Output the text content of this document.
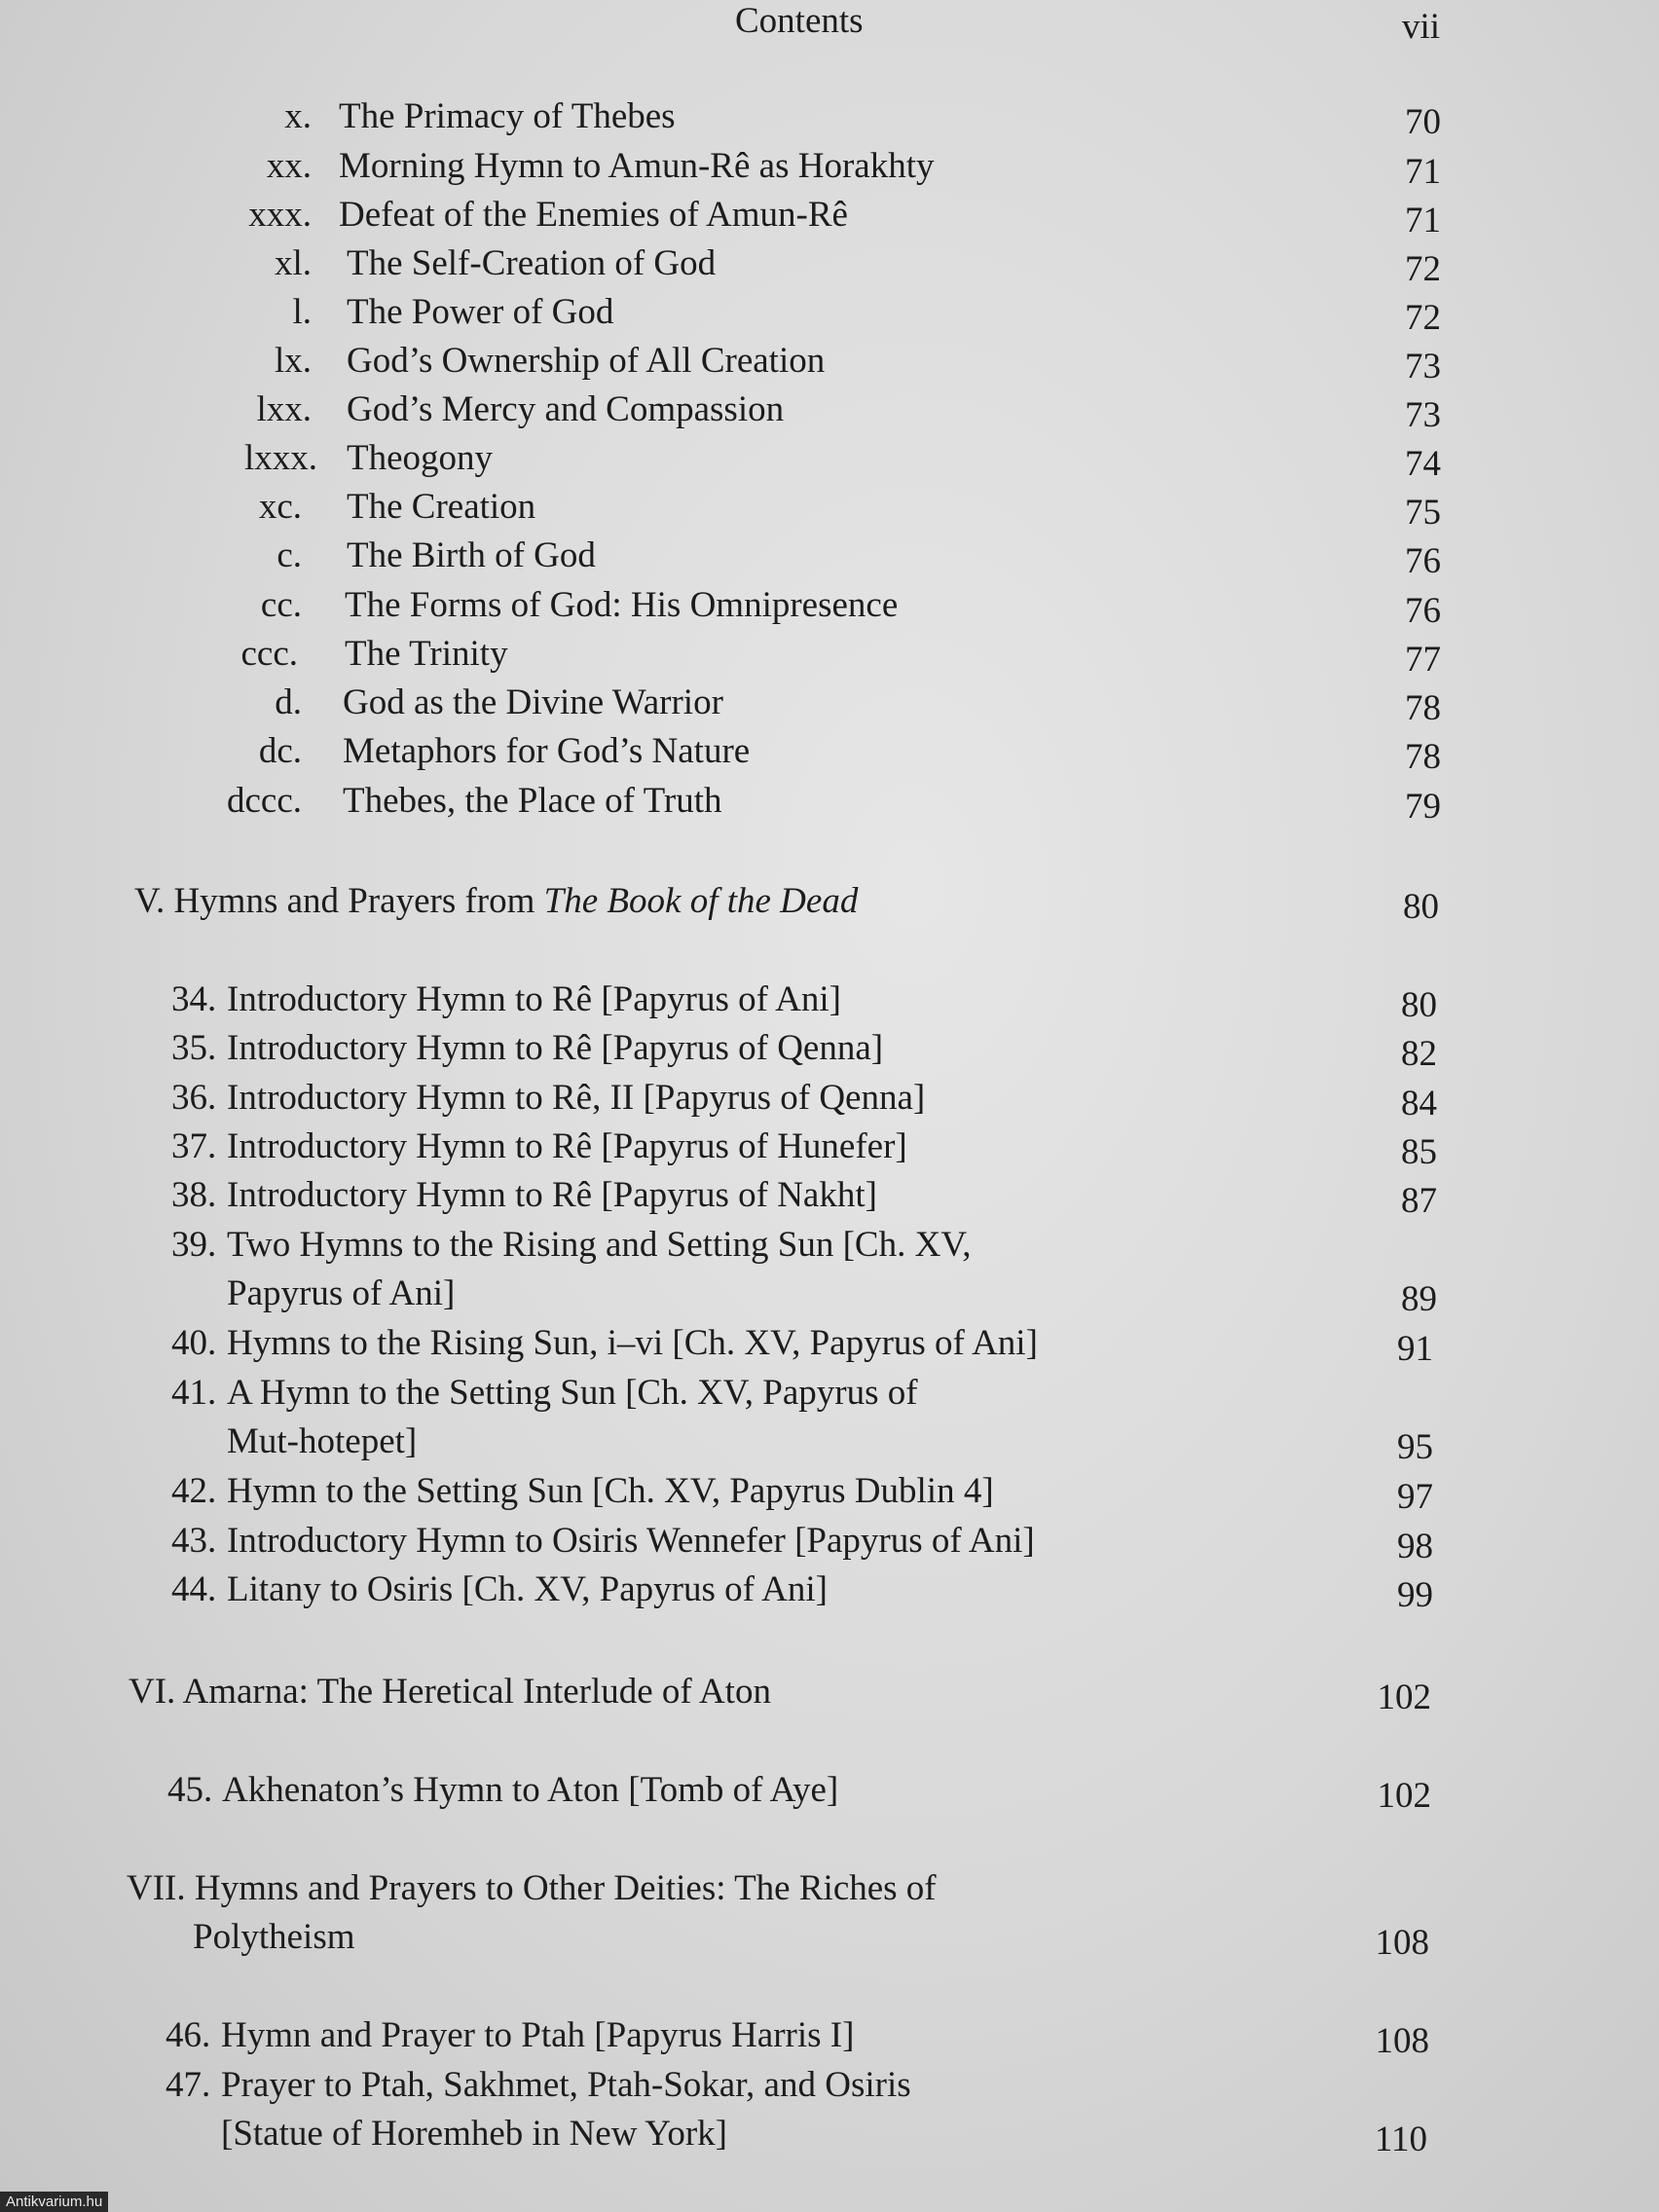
Contents	vii
x. The Primacy of Thebes	70
xx. Morning Hymn to Amun-Rê as Horakhty	71
xxx. Defeat of the Enemies of Amun-Rê	71
xl. The Self-Creation of God	72
l. The Power of God	72
lx. God’s Ownership of All Creation	73
lxx. God’s Mercy and Compassion	73
lxxx. Theogony	74
xc. The Creation	75
c. The Birth of God	76
cc. The Forms of God: His Omnipresence	76
ccc. The Trinity	77
d. God as the Divine Warrior	78
dc. Metaphors for God’s Nature	78
dccc. Thebes, the Place of Truth	79
V. Hymns and Prayers from The Book of the Dead	80
34. Introductory Hymn to Rê [Papyrus of Ani]	80
35. Introductory Hymn to Rê [Papyrus of Qenna]	82
36. Introductory Hymn to Rê, II [Papyrus of Qenna]	84
37. Introductory Hymn to Rê [Papyrus of Hunefer]	85
38. Introductory Hymn to Rê [Papyrus of Nakht]	87
39. Two Hymns to the Rising and Setting Sun [Ch. XV,
Papyrus of Ani]	89
40. Hymns to the Rising Sun, i–vi [Ch. XV, Papyrus of Ani]	91
41. A Hymn to the Setting Sun [Ch. XV, Papyrus of
Mut-hotepet]	95
42. Hymn to the Setting Sun [Ch. XV, Papyrus Dublin 4]	97
43. Introductory Hymn to Osiris Wennefer [Papyrus of Ani]	98
44. Litany to Osiris [Ch. XV, Papyrus of Ani]	99
VI. Amarna: The Heretical Interlude of Aton	102
45. Akhenaton’s Hymn to Aton [Tomb of Aye]	102
VII. Hymns and Prayers to Other Deities: The Riches of
Polytheism	108
46. Hymn and Prayer to Ptah [Papyrus Harris I]	108
47. Prayer to Ptah, Sakhmet, Ptah-Sokar, and Osiris
[Statue of Horemheb in New York]	110
Antikvarium.hu
